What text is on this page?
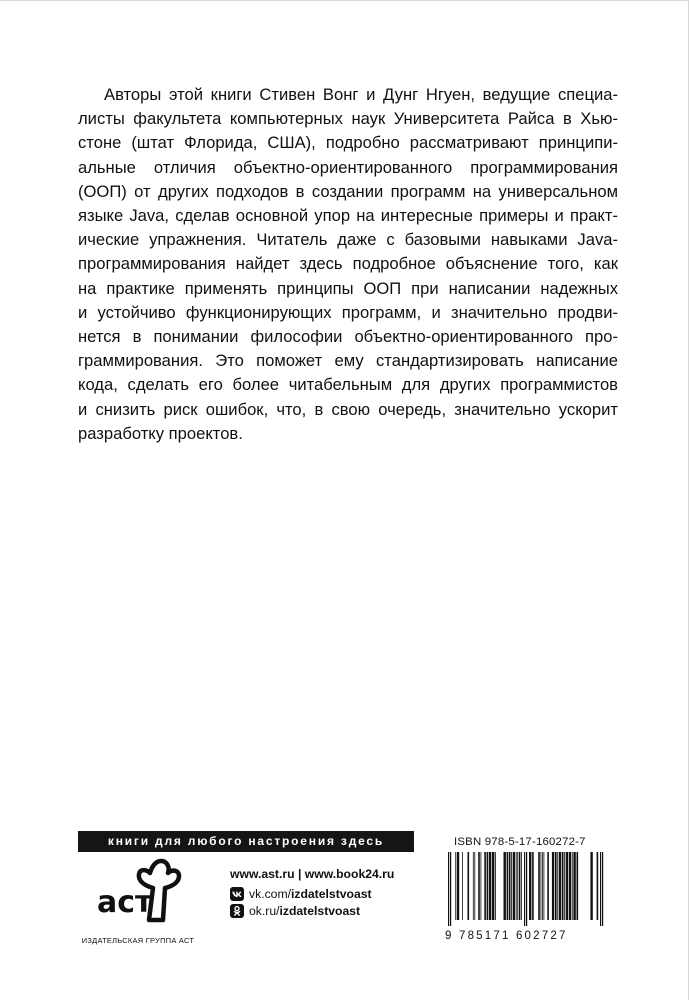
Авторы этой книги Стивен Вонг и Дунг Нгуен, ведущие специа-
листы факультета компьютерных наук Университета Райса в Хью-
стоне (штат Флорида, США), подробно рассматривают принципи-
альные отличия объектно-ориентированного программирования
(ООП) от других подходов в создании программ на универсальном
языке Java, сделав основной упор на интересные примеры и практ-
ические упражнения. Читатель даже с базовыми навыками Java-
программирования найдет здесь подробное объяснение того, как
на практике применять принципы ООП при написании надежных
и устойчиво функционирующих программ, и значительно продви-
нется в понимании философии объектно-ориентированного про-
граммирования. Это поможет ему стандартизировать написание
кода, сделать его более читабельным для других программистов
и снизить риск ошибок, что, в свою очередь, значительно ускорит
разработку проектов.

книги для любого настроения здесь
аст
ИЗДАТЕЛЬСКАЯ ГРУППА АСТ
www.ast.ru | www.book24.ru
vk.com/ izdatelstvoast
ok.ru/ izdatelstvoast
ISBN 978-5-17-160272-7
9 785171 602727
